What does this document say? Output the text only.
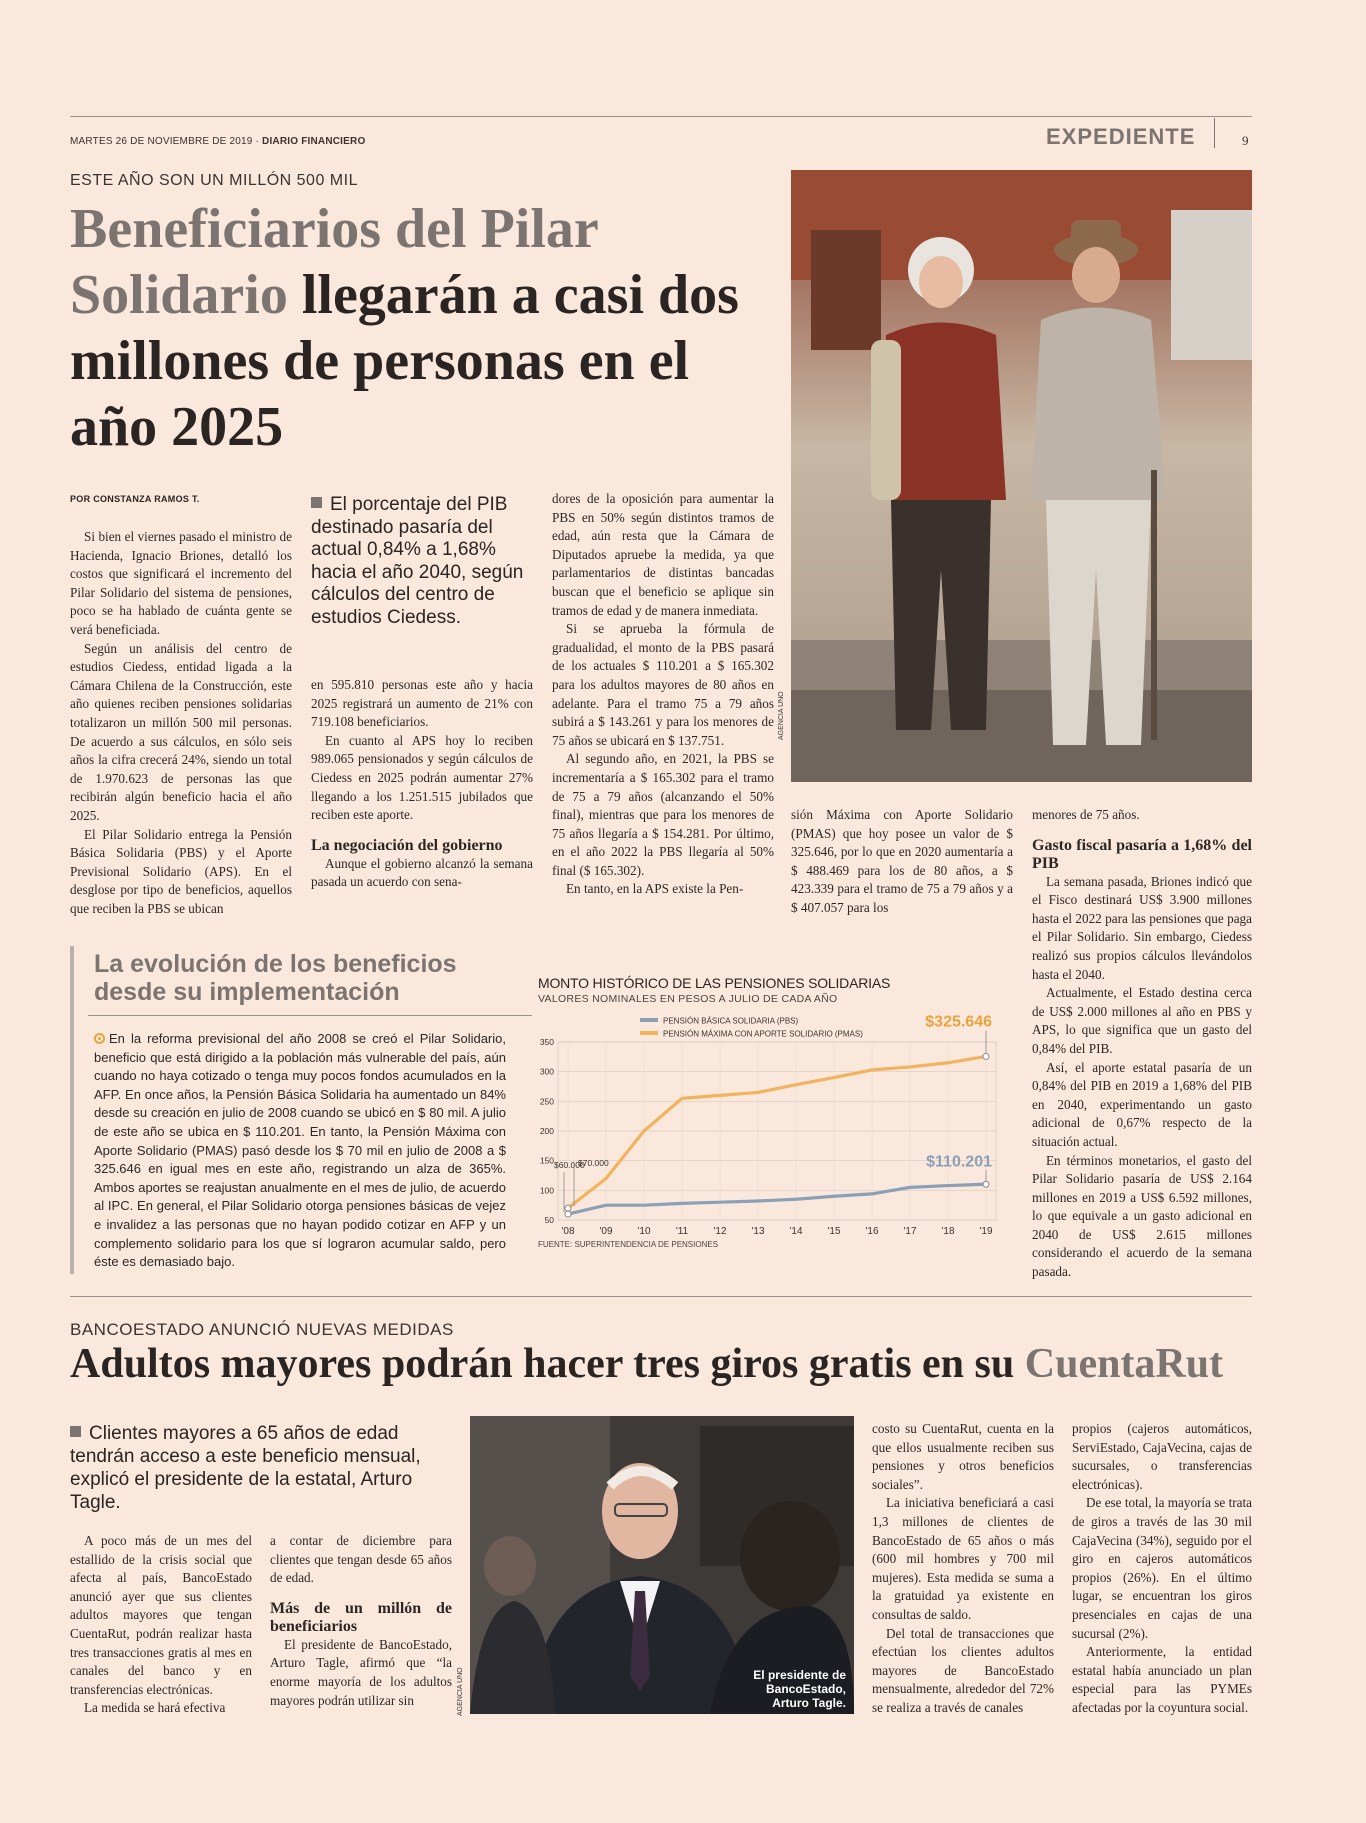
MARTES 26 DE NOVIEMBRE DE 2019 · DIARIO FINANCIERO	EXPEDIENTE	9
ESTE AÑO SON UN MILLÓN 500 MIL
Beneficiarios del Pilar Solidario llegarán a casi dos millones de personas en el año 2025
AGENCIA UNO
POR CONSTANZA RAMOS T.

Si bien el viernes pasado el ministro de Hacienda, Ignacio Briones, detalló los costos que significará el incremento del Pilar Solidario del sistema de pensiones, poco se ha hablado de cuánta gente se verá beneficiada.

Según un análisis del centro de estudios Ciedess, entidad ligada a la Cámara Chilena de la Construcción, este año quienes reciben pensiones solidarias totalizaron un millón 500 mil personas. De acuerdo a sus cálculos, en sólo seis años la cifra crecerá 24%, siendo un total de 1.970.623 de personas las que recibirán algún beneficio hacia el año 2025.

El Pilar Solidario entrega la Pensión Básica Solidaria (PBS) y el Aporte Previsional Solidario (APS). En el desglose por tipo de beneficios, aquellos que reciben la PBS se ubican

El porcentaje del PIB destinado pasaría del actual 0,84% a 1,68% hacia el año 2040, según cálculos del centro de estudios Ciedess.

en 595.810 personas este año y hacia 2025 registrará un aumento de 21% con 719.108 beneficiarios.

En cuanto al APS hoy lo reciben 989.065 pensionados y según cálculos de Ciedess en 2025 podrán aumentar 27% llegando a los 1.251.515 jubilados que reciben este aporte.

La negociación del gobierno

Aunque el gobierno alcanzó la semana pasada un acuerdo con sena-

dores de la oposición para aumentar la PBS en 50% según distintos tramos de edad, aún resta que la Cámara de Diputados apruebe la medida, ya que parlamentarios de distintas bancadas buscan que el beneficio se aplique sin tramos de edad y de manera inmediata.

Si se aprueba la fórmula de gradualidad, el monto de la PBS pasará de los actuales $ 110.201 a $ 165.302 para los adultos mayores de 80 años en adelante. Para el tramo 75 a 79 años subirá a $ 143.261 y para los menores de 75 años se ubicará en $ 137.751.

Al segundo año, en 2021, la PBS se incrementaría a $ 165.302 para el tramo de 75 a 79 años (alcanzando el 50% final), mientras que para los menores de 75 años llegaría a $ 154.281. Por último, en el año 2022 la PBS llegaría al 50% final ($ 165.302).

En tanto, en la APS existe la Pen-

sión Máxima con Aporte Solidario (PMAS) que hoy posee un valor de $ 325.646, por lo que en 2020 aumentaría a $ 488.469 para los de 80 años, a $ 423.339 para el tramo de 75 a 79 años y a $ 407.057 para los

menores de 75 años.

Gasto fiscal pasaría a 1,68% del PIB

La semana pasada, Briones indicó que el Fisco destinará US$ 3.900 millones hasta el 2022 para las pensiones que paga el Pilar Solidario. Sin embargo, Ciedess realizó sus propios cálculos llevándolos hasta el 2040.

Actualmente, el Estado destina cerca de US$ 2.000 millones al año en PBS y APS, lo que significa que un gasto del 0,84% del PIB.

Así, el aporte estatal pasaría de un 0,84% del PIB en 2019 a 1,68% del PIB en 2040, experimentando un gasto adicional de 0,67% respecto de la situación actual.

En términos monetarios, el gasto del Pilar Solidario pasaría de US$ 2.164 millones en 2019 a US$ 6.592 millones, lo que equivale a un gasto adicional en 2040 de US$ 2.615 millones considerando el acuerdo de la semana pasada.

La evolución de los beneficios desde su implementación
En la reforma previsional del año 2008 se creó el Pilar Solidario, beneficio que está dirigido a la población más vulnerable del país, aún cuando no haya cotizado o tenga muy pocos fondos acumulados en la AFP. En once años, la Pensión Básica Solidaria ha aumentado un 84% desde su creación en julio de 2008 cuando se ubicó en $ 80 mil. A julio de este año se ubica en $ 110.201. En tanto, la Pensión Máxima con Aporte Solidario (PMAS) pasó desde los $ 70 mil en julio de 2008 a $ 325.646 en igual mes en este año, registrando un alza de 365%. Ambos aportes se reajustan anualmente en el mes de julio, de acuerdo al IPC. En general, el Pilar Solidario otorga pensiones básicas de vejez e invalidez a las personas que no hayan podido cotizar en AFP y un complemento solidario para los que sí lograron acumular saldo, pero éste es demasiado bajo.
MONTO HISTÓRICO DE LAS PENSIONES SOLIDARIAS
VALORES NOMINALES EN PESOS A JULIO DE CADA AÑO
PENSIÓN BÁSICA SOLIDARIA (PBS)
PENSIÓN MÁXIMA CON APORTE SOLIDARIO (PMAS)
50
100
150
200
250
300
350
'08 '09 '10	'11	'12 '13 '14 '15 '16 '17 '18 '19
$325.646
$110.201
$60.000
$70.000
FUENTE: SUPERINTENDENCIA DE PENSIONES
BANCOESTADO ANUNCIÓ NUEVAS MEDIDAS
Adultos mayores podrán hacer tres giros gratis en su CuentaRut
Clientes mayores a 65 años de edad tendrán acceso a este beneficio mensual, explicó el presidente de la estatal, Arturo Tagle.

A poco más de un mes del estallido de la crisis social que afecta al país, BancoEstado anunció ayer que sus clientes adultos mayores que tengan CuentaRut, podrán realizar hasta tres transacciones gratis al mes en canales del banco y en transferencias electrónicas.

La medida se hará efectiva

a contar de diciembre para clientes que tengan desde 65 años de edad.

Más de un millón de beneficiarios

El presidente de BancoEstado, Arturo Tagle, afirmó que “la enorme mayoría de los adultos mayores podrán utilizar sin	AGENCIA UNO	El presidente de BancoEstado, Arturo Tagle.

costo su CuentaRut, cuenta en la que ellos usualmente reciben sus pensiones y otros beneficios sociales”.

La iniciativa beneficiará a casi 1,3 millones de clientes de BancoEstado de 65 años o más (600 mil hombres y 700 mil mujeres). Esta medida se suma a la gratuidad ya existente en consultas de saldo.

Del total de transacciones que efectúan los clientes adultos mayores de BancoEstado mensualmente, alrededor del 72% se realiza a través de canales

propios (cajeros automáticos, ServiEstado, CajaVecina, cajas de sucursales, o transferencias electrónicas).

De ese total, la mayoría se trata de giros a través de las 30 mil CajaVecina (34%), seguido por el giro en cajeros automáticos propios (26%). En el último lugar, se encuentran los giros presenciales en cajas de una sucursal (2%).

Anteriormente, la entidad estatal había anunciado un plan especial para las PYMEs afectadas por la coyuntura social.
